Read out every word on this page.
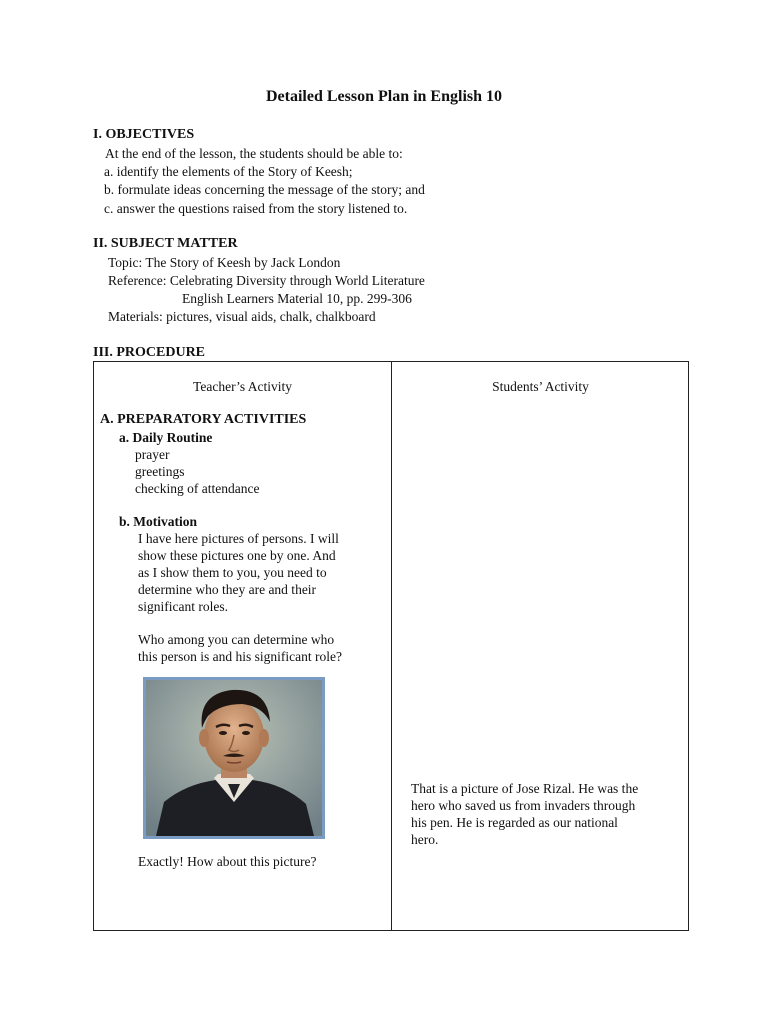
Detailed Lesson Plan in English 10
I. OBJECTIVES
At the end of the lesson, the students should be able to:
a. identify the elements of the Story of Keesh;
b. formulate ideas concerning the message of the story; and
c. answer the questions raised from the story listened to.
II. SUBJECT MATTER
Topic: The Story of Keesh by Jack London
Reference: Celebrating Diversity through World Literature
English Learners Material 10, pp. 299-306
Materials: pictures, visual aids, chalk, chalkboard
III. PROCEDURE
Teacher’s Activity	Students’ Activity
A. PREPARATORY ACTIVITIES
a. Daily Routine
prayer
greetings
checking of attendance
b. Motivation
I have here pictures of persons. I will
show these pictures one by one. And
as I show them to you, you need to
determine who they are and their
significant roles.
Who among you can determine who
this person is and his significant role?
Exactly! How about this picture?
That is a picture of Jose Rizal. He was the
hero who saved us from invaders through
his pen. He is regarded as our national
hero.
